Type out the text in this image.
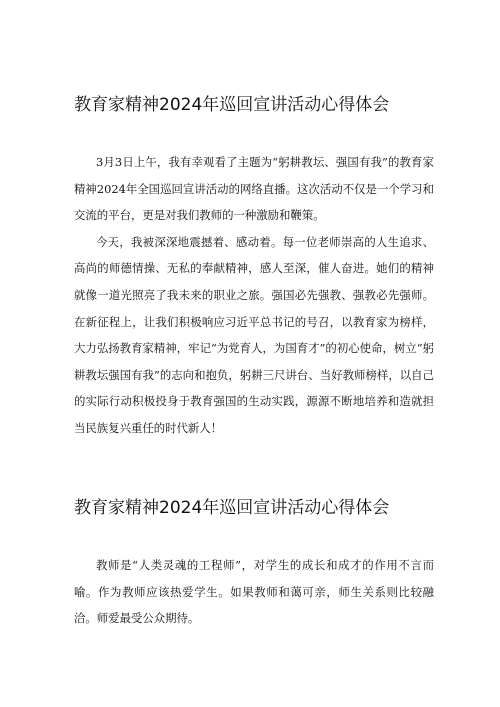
教育家精神2024年巡回宣讲活动心得体会

3月3日上午，我有幸观看了主题为“躬耕教坛、强国有我”的教育家精神2024年全国巡回宣讲活动的网络直播。这次活动不仅是一个学习和交流的平台，更是对我们教师的一种激励和鞭策。

今天，我被深深地震撼着、感动着。每一位老师崇高的人生追求、高尚的师德情操、无私的奉献精神，感人至深，催人奋进。她们的精神就像一道光照亮了我未来的职业之旅。强国必先强教、强教必先强师。在新征程上，让我们积极响应习近平总书记的号召，以教育家为榜样，大力弘扬教育家精神，牢记“为党育人，为国育才”的初心使命，树立“躬耕教坛强国有我”的志向和抱负，躬耕三尺讲台、当好教师榜样，以自己的实际行动积极投身于教育强国的生动实践，源源不断地培养和造就担当民族复兴重任的时代新人！

教育家精神2024年巡回宣讲活动心得体会

教师是“人类灵魂的工程师”，对学生的成长和成才的作用不言而喻。作为教师应该热爱学生。如果教师和蔼可亲，师生关系则比较融洽。师爱最受公众期待。
